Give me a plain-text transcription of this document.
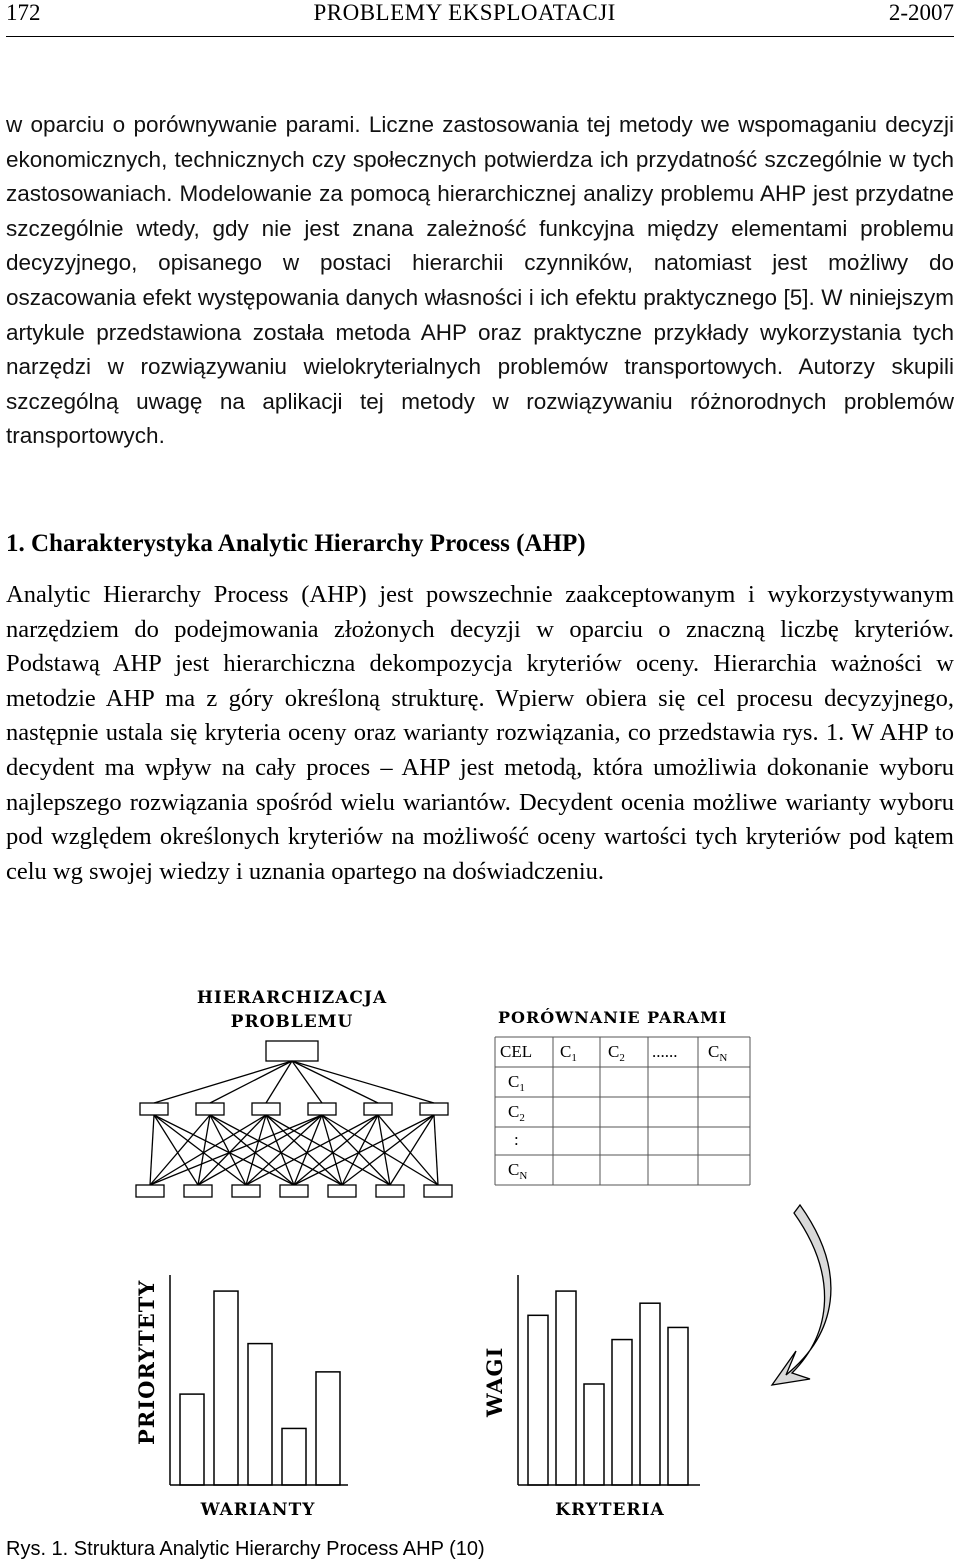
172	PROBLEMY EKSPLOATACJI	2-2007

w oparciu o porównywanie parami. Liczne zastosowania tej metody we wspomaganiu decyzji ekonomicznych, technicznych czy społecznych potwierdza ich przydatność szczególnie w tych zastosowaniach. Modelowanie za pomocą hierarchicznej analizy problemu AHP jest przydatne szczególnie wtedy, gdy nie jest znana zależność funkcyjna między elementami problemu decyzyjnego, opisanego w postaci hierarchii czynników, natomiast jest możliwy do oszacowania efekt występowania danych własności i ich efektu praktycznego [5]. W niniejszym artykule przedstawiona została metoda AHP oraz praktyczne przykłady wykorzystania tych narzędzi w rozwiązywaniu wielokryterialnych problemów transportowych. Autorzy skupili szczególną uwagę na aplikacji tej metody w rozwiązywaniu różnorodnych problemów transportowych.

1. Charakterystyka Analytic Hierarchy Process (AHP)

Analytic Hierarchy Process (AHP) jest powszechnie zaakceptowanym i wykorzystywanym narzędziem do podejmowania złożonych decyzji w oparciu o znaczną liczbę kryteriów. Podstawą AHP jest hierarchiczna dekompozycja kryteriów oceny. Hierarchia ważności w metodzie AHP ma z góry określoną strukturę. Wpierw obiera się cel procesu decyzyjnego, następnie ustala się kryteria oceny oraz warianty rozwiązania, co przedstawia rys. 1. W AHP to decydent ma wpływ na cały proces – AHP jest metodą, która umożliwia dokonanie wyboru najlepszego rozwiązania spośród wielu wariantów. Decydent ocenia możliwe warianty wyboru pod względem określonych kryteriów na możliwość oceny wartości tych kryteriów pod kątem celu wg swojej wiedzy i uznania opartego na doświadczeniu.

HIERARCHIZACJA
PROBLEMU	PORÓWNANIE PARAMI
CEL $C_1$ $C_2$ ...... $C_N$
$C_1$
$C_2$
:
$C_N$
PRIORYTETY
WARIANTY
WAGI
KRYTERIA

Rys. 1. Struktura Analytic Hierarchy Process AHP (10)
